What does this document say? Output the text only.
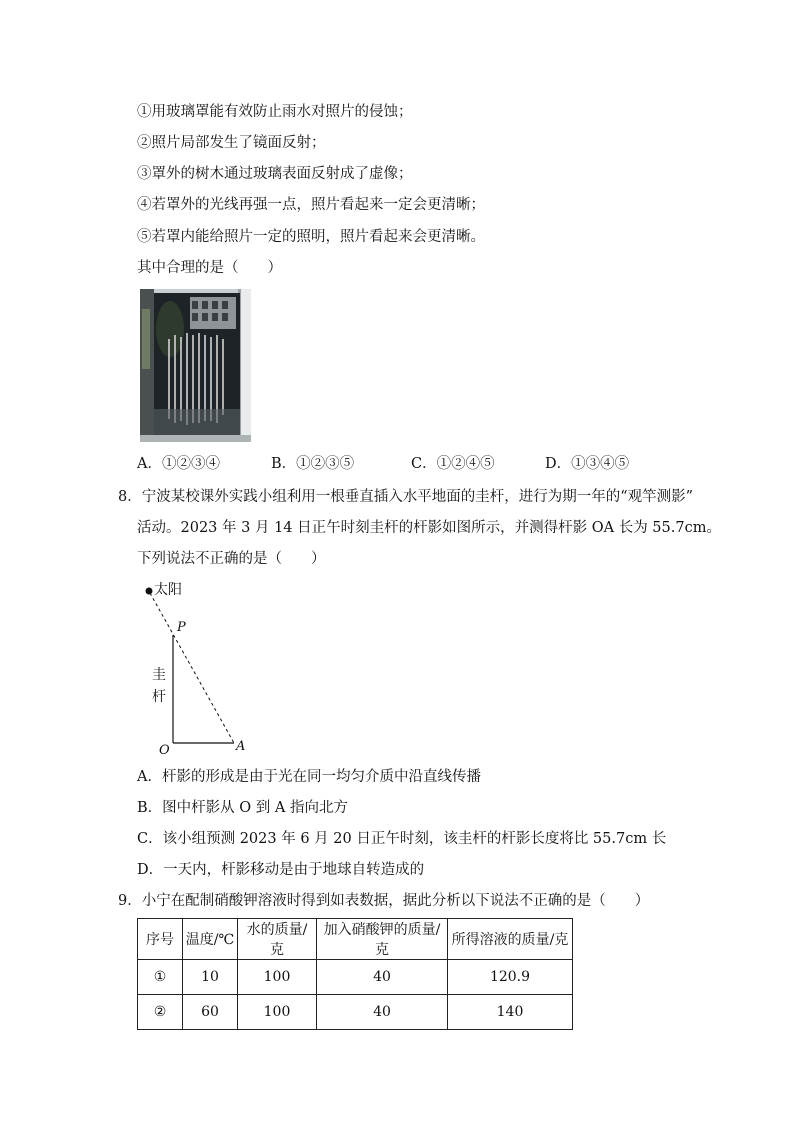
①用玻璃罩能有效防止雨水对照片的侵蚀；
②照片局部发生了镜面反射；
③罩外的树木通过玻璃表面反射成了虚像；
④若罩外的光线再强一点，照片看起来一定会更清晰；
⑤若罩内能给照片一定的照明，照片看起来会更清晰。
其中合理的是（　　）
A．①②③④	B．①②③⑤	C．①②④⑤	D．①③④⑤
8．宁波某校课外实践小组利用一根垂直插入水平地面的圭杆，进行为期一年的“观竿测影”
活动。2023 年 3 月 14 日正午时刻圭杆的杆影如图所示，并测得杆影 OA 长为 55.7cm。
下列说法不正确的是（　　）
太阳
P
圭
杆
O	A
A．杆影的形成是由于光在同一均匀介质中沿直线传播
B．图中杆影从 O 到 A 指向北方
C．该小组预测 2023 年 6 月 20 日正午时刻，该圭杆的杆影长度将比 55.7cm 长
D．一天内，杆影移动是由于地球自转造成的
9．小宁在配制硝酸钾溶液时得到如表数据，据此分析以下说法不正确的是（　　）
序号	温度/℃	水的质量/克	加入硝酸钾的质量/克	所得溶液的质量/克
①	10	100	40	120.9
②	60	100	40	140
